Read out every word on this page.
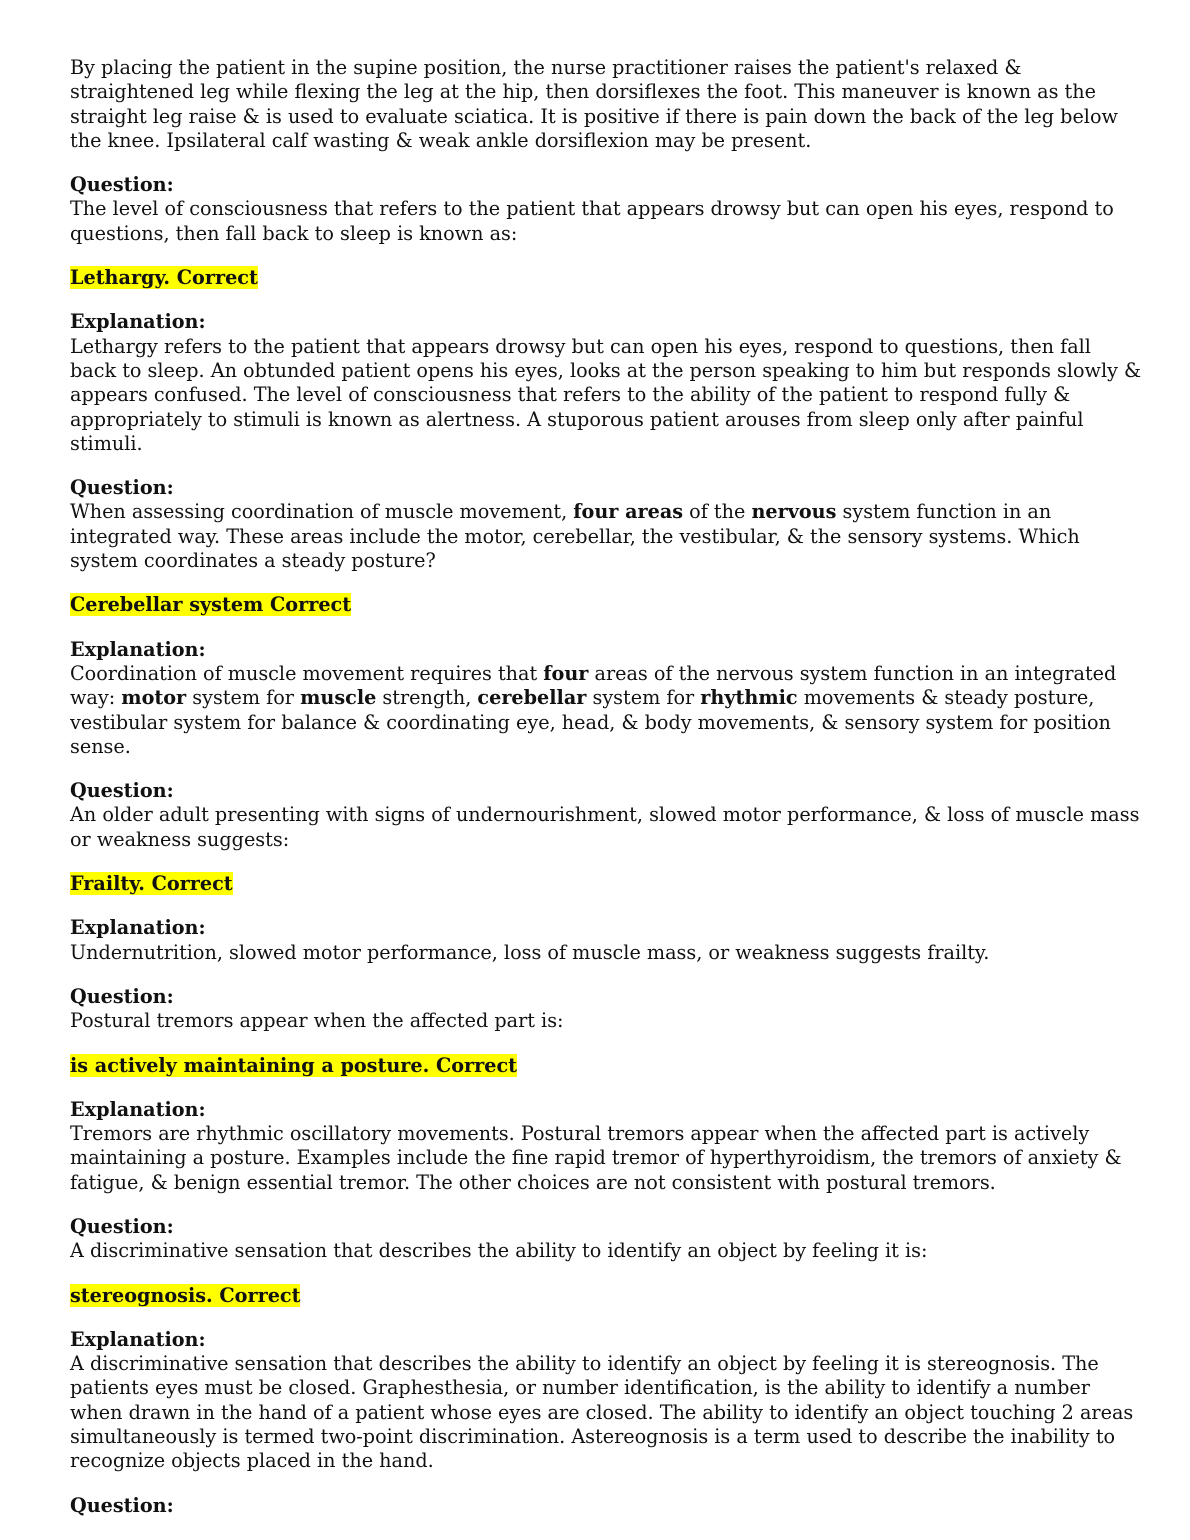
By placing the patient in the supine position, the nurse practitioner raises the patient's relaxed & straightened leg while flexing the leg at the hip, then dorsiflexes the foot. This maneuver is known as the straight leg raise & is used to evaluate sciatica. It is positive if there is pain down the back of the leg below the knee. Ipsilateral calf wasting & weak ankle dorsiflexion may be present.

Question:
The level of consciousness that refers to the patient that appears drowsy but can open his eyes, respond to questions, then fall back to sleep is known as:
Lethargy. Correct
Explanation:
Lethargy refers to the patient that appears drowsy but can open his eyes, respond to questions, then fall back to sleep. An obtunded patient opens his eyes, looks at the person speaking to him but responds slowly & appears confused. The level of consciousness that refers to the ability of the patient to respond fully & appropriately to stimuli is known as alertness. A stuporous patient arouses from sleep only after painful stimuli.
Question:
When assessing coordination of muscle movement, four areas of the nervous system function in an integrated way. These areas include the motor, cerebellar, the vestibular, & the sensory systems. Which system coordinates a steady posture?
Cerebellar system Correct
Explanation:
Coordination of muscle movement requires that four areas of the nervous system function in an integrated way: motor system for muscle strength, cerebellar system for rhythmic movements & steady posture, vestibular system for balance & coordinating eye, head, & body movements, & sensory system for position sense.
Question:
An older adult presenting with signs of undernourishment, slowed motor performance, & loss of muscle mass or weakness suggests:
Frailty. Correct
Explanation:
Undernutrition, slowed motor performance, loss of muscle mass, or weakness suggests frailty.
Question:
Postural tremors appear when the affected part is:
is actively maintaining a posture. Correct
Explanation:
Tremors are rhythmic oscillatory movements. Postural tremors appear when the affected part is actively maintaining a posture. Examples include the fine rapid tremor of hyperthyroidism, the tremors of anxiety & fatigue, & benign essential tremor. The other choices are not consistent with postural tremors.
Question:
A discriminative sensation that describes the ability to identify an object by feeling it is:
stereognosis. Correct
Explanation:
A discriminative sensation that describes the ability to identify an object by feeling it is stereognosis. The patients eyes must be closed. Graphesthesia, or number identification, is the ability to identify a number when drawn in the hand of a patient whose eyes are closed. The ability to identify an object touching 2 areas simultaneously is termed two-point discrimination. Astereognosis is a term used to describe the inability to recognize objects placed in the hand.
Question:
